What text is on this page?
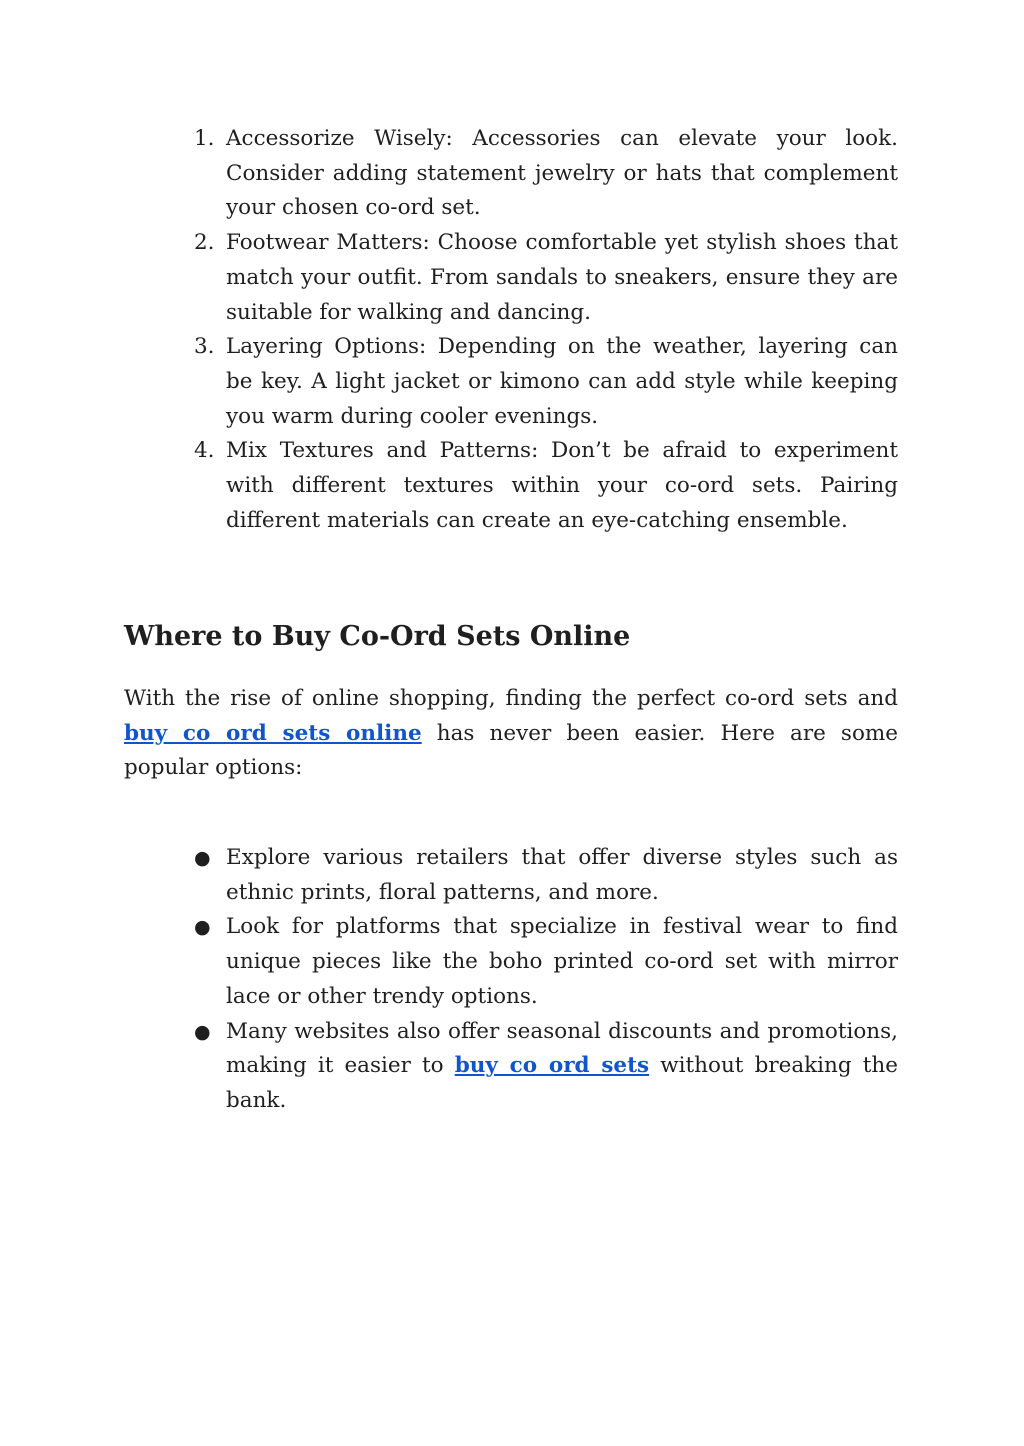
1. Accessorize Wisely: Accessories can elevate your look. Consider adding statement jewelry or hats that complement your chosen co-ord set.
2. Footwear Matters: Choose comfortable yet stylish shoes that match your outfit. From sandals to sneakers, ensure they are suitable for walking and dancing.
3. Layering Options: Depending on the weather, layering can be key. A light jacket or kimono can add style while keeping you warm during cooler evenings.
4. Mix Textures and Patterns: Don’t be afraid to experiment with different textures within your co-ord sets. Pairing different materials can create an eye-catching ensemble.
Where to Buy Co-Ord Sets Online

With the rise of online shopping, finding the perfect co-ord sets and buy co ord sets online has never been easier. Here are some popular options:

● Explore various retailers that offer diverse styles such as ethnic prints, floral patterns, and more.
● Look for platforms that specialize in festival wear to find unique pieces like the boho printed co-ord set with mirror lace or other trendy options.
● Many websites also offer seasonal discounts and promotions, making it easier to buy co ord sets without breaking the bank.
